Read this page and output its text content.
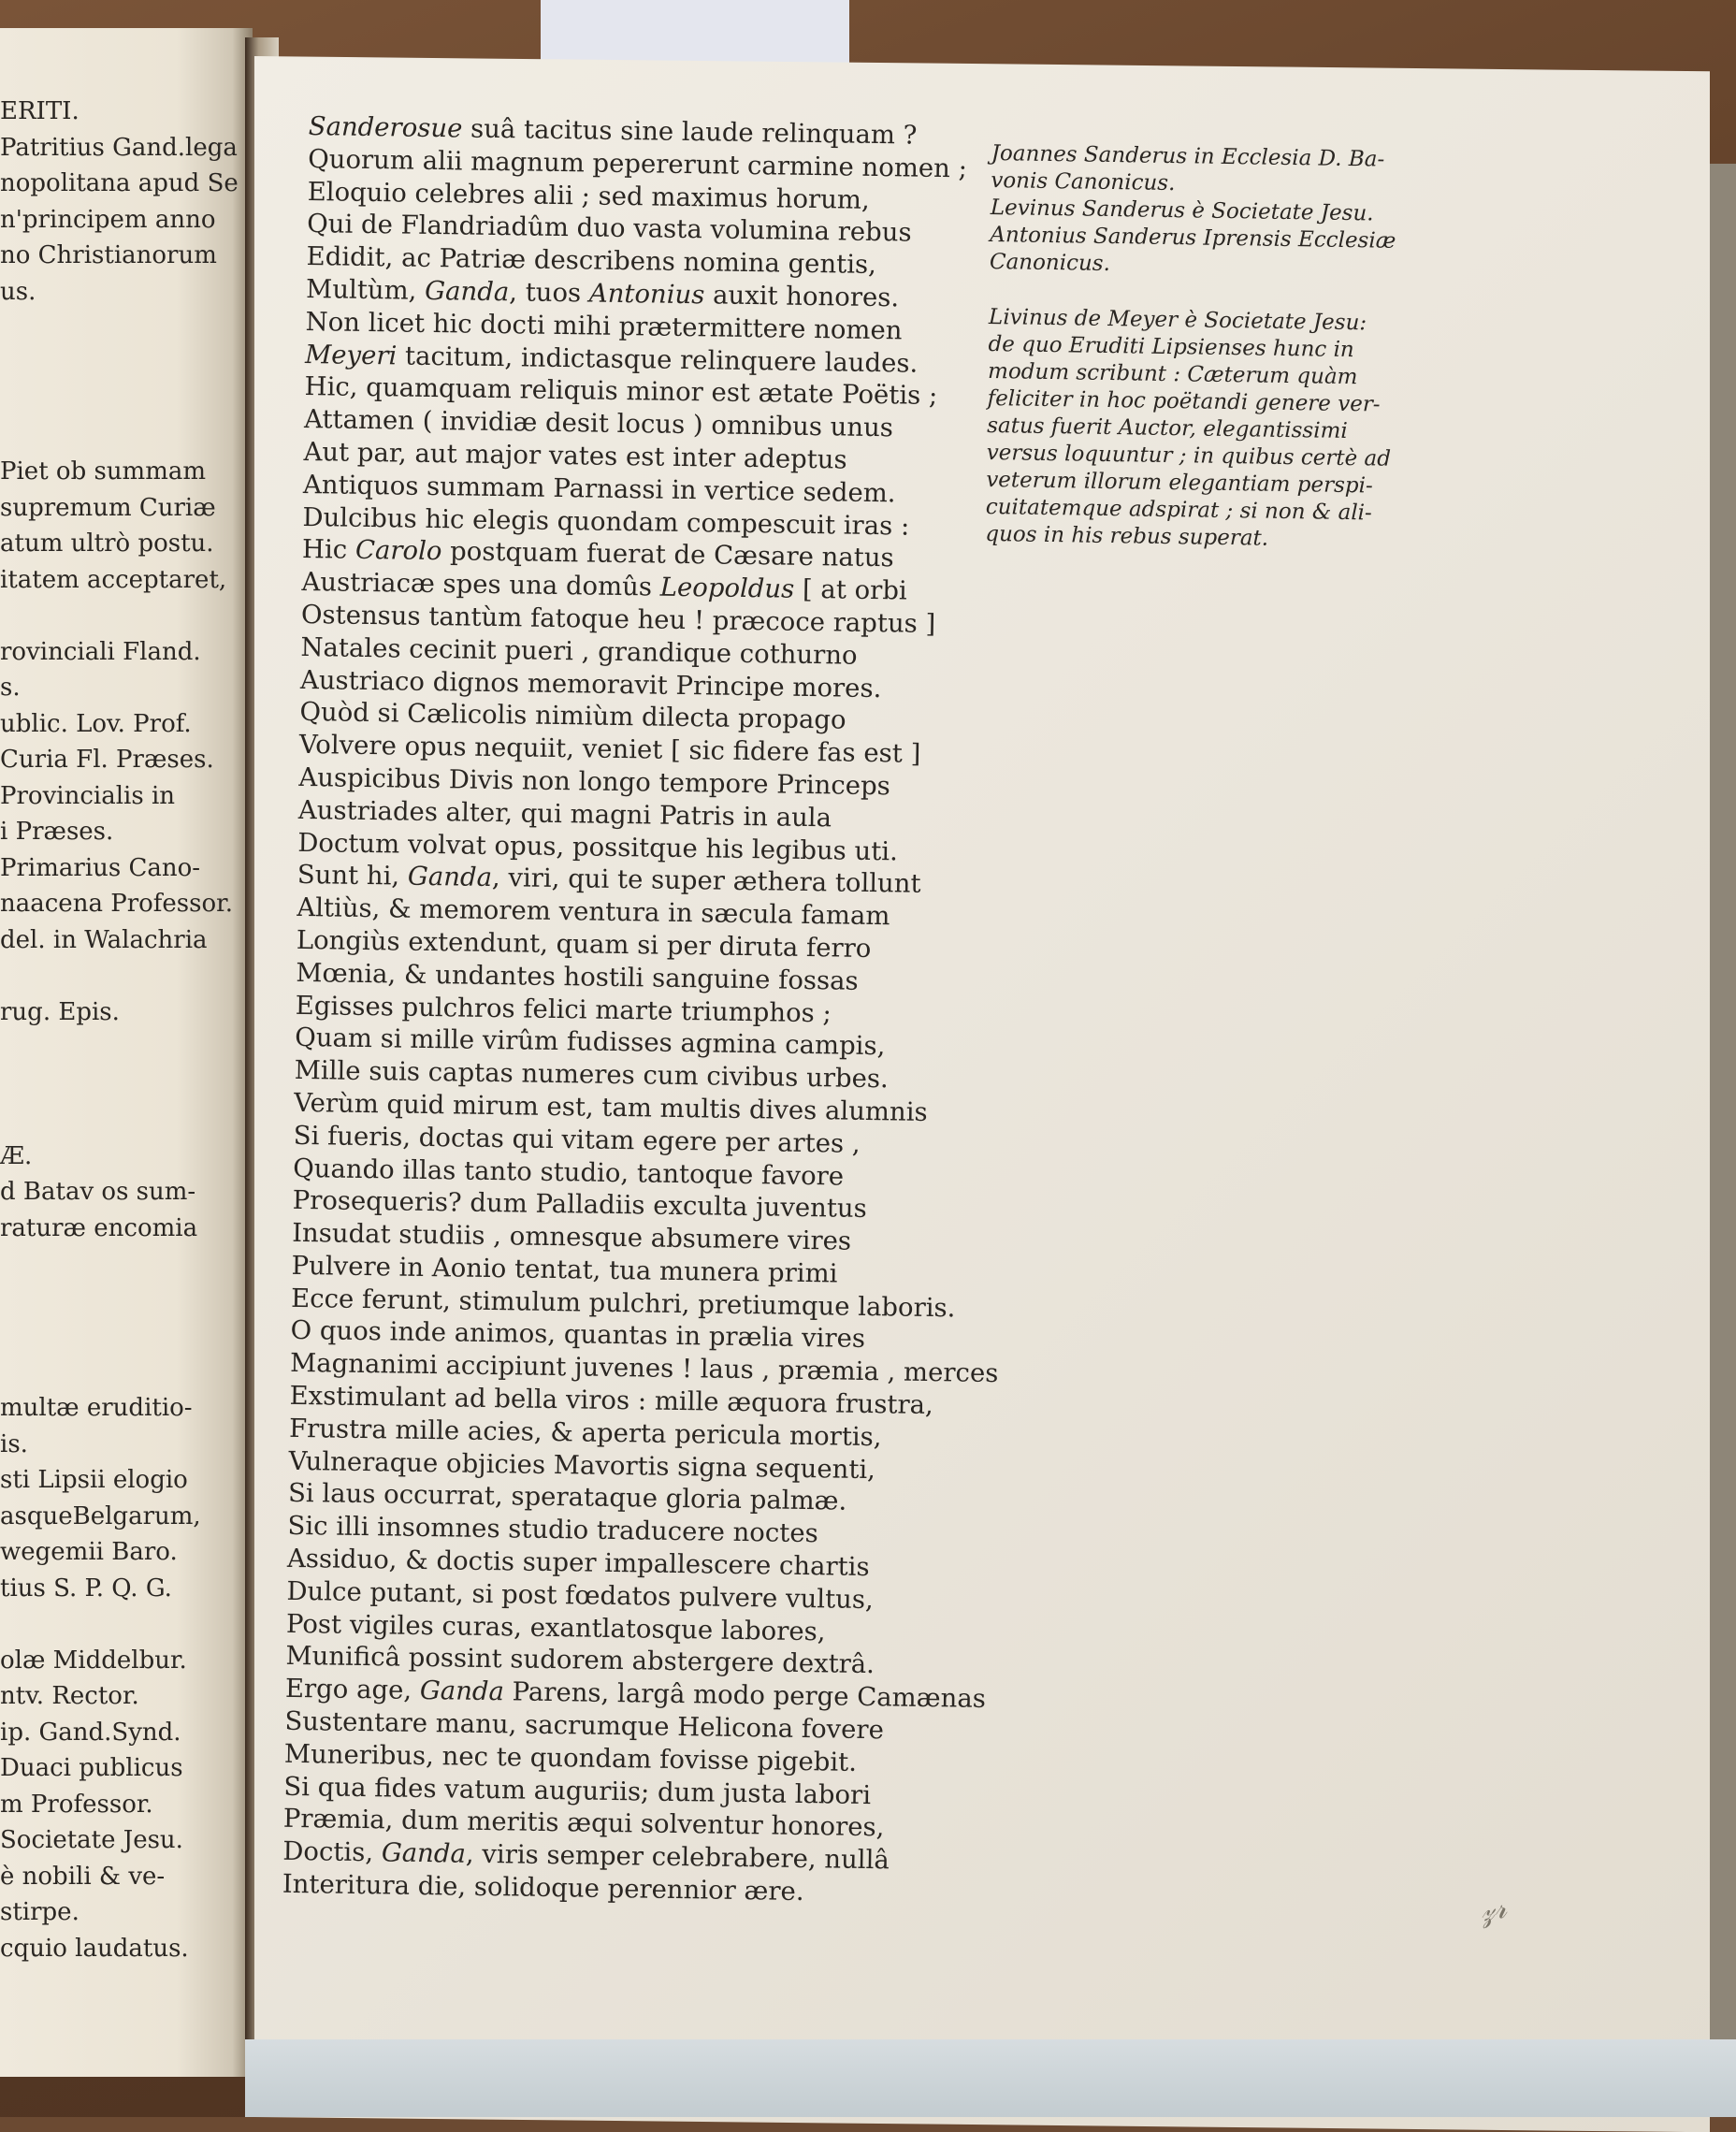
ERITI.
Patritius Gand.lega
nopolitana apud Se
n'principem anno
no Christianorum
us.
Piet ob summam
supremum Curiæ
atum ultrò postu.
itatem acceptaret,
rovinciali Fland.
s.
ublic. Lov. Prof.
Curia Fl. Præses.
Provincialis in
i Præses.
Primarius Cano-
naacena Professor.
del. in Walachria
rug. Epis.
Æ.
d Batav os sum-
raturæ encomia
multæ eruditio-
is.
sti Lipsii elogio
asqueBelgarum,
wegemii Baro.
tius S. P. Q. G.
olæ Middelbur.
ntv. Rector.
ip. Gand.Synd.
Duaci publicus
m Professor.
Societate Jesu.
è nobili & ve-
stirpe.
cquio laudatus.
Sanderosue suâ tacitus sine laude relinquam ?
Quorum alii magnum pepererunt carmine nomen ;
Eloquio celebres alii ; sed maximus horum,
Qui de Flandriadûm duo vasta volumina rebus
Edidit, ac Patriæ describens nomina gentis,
Multùm, Ganda, tuos Antonius auxit honores.
Non licet hic docti mihi prætermittere nomen
Meyeri tacitum, indictasque relinquere laudes.
Hic, quamquam reliquis minor est ætate Poëtis ;
Attamen ( invidiæ desit locus ) omnibus unus
Aut par, aut major vates est inter adeptus
Antiquos summam Parnassi in vertice sedem.
Dulcibus hic elegis quondam compescuit iras :
Hic Carolo postquam fuerat de Cæsare natus
Austriacæ spes una domûs Leopoldus [ at orbi
Ostensus tantùm fatoque heu ! præcoce raptus ]
Natales cecinit pueri , grandique cothurno
Austriaco dignos memoravit Principe mores.
Quòd si Cælicolis nimiùm dilecta propago
Volvere opus nequiit, veniet [ sic fidere fas est ]
Auspicibus Divis non longo tempore Princeps
Austriades alter, qui magni Patris in aula
Doctum volvat opus, possitque his legibus uti.
Sunt hi, Ganda, viri, qui te super æthera tollunt
Altiùs, & memorem ventura in sæcula famam
Longiùs extendunt, quam si per diruta ferro
Mœnia, & undantes hostili sanguine fossas
Egisses pulchros felici marte triumphos ;
Quam si mille virûm fudisses agmina campis,
Mille suis captas numeres cum civibus urbes.
Verùm quid mirum est, tam multis dives alumnis
Si fueris, doctas qui vitam egere per artes ,
Quando illas tanto studio, tantoque favore
Prosequeris? dum Palladiis exculta juventus
Insudat studiis , omnesque absumere vires
Pulvere in Aonio tentat, tua munera primi
Ecce ferunt, stimulum pulchri, pretiumque laboris.
O quos inde animos, quantas in prælia vires
Magnanimi accipiunt juvenes ! laus , præmia , merces
Exstimulant ad bella viros : mille æquora frustra,
Frustra mille acies, & aperta pericula mortis,
Vulneraque objicies Mavortis signa sequenti,
Si laus occurrat, sperataque gloria palmæ.
Sic illi insomnes studio traducere noctes
Assiduo, & doctis super impallescere chartis
Dulce putant, si post fœdatos pulvere vultus,
Post vigiles curas, exantlatosque labores,
Munificâ possint sudorem abstergere dextrâ.
Ergo age, Ganda Parens, largâ modo perge Camænas
Sustentare manu, sacrumque Helicona fovere
Muneribus, nec te quondam fovisse pigebit.
Si qua fides vatum auguriis; dum justa labori
Præmia, dum meritis æqui solventur honores,
Doctis, Ganda, viris semper celebrabere, nullâ
Interitura die, solidoque perennior ære.
Joannes Sanderus in Ecclesia D. Ba-
vonis Canonicus.
Levinus Sanderus è Societate Jesu.
Antonius Sanderus Iprensis Ecclesiæ
Canonicus.
Livinus de Meyer è Societate Jesu:
de quo Eruditi Lipsienses hunc in
modum scribunt : Cæterum quàm
feliciter in hoc poëtandi genere ver-
satus fuerit Auctor, elegantissimi
versus loquuntur ; in quibus certè ad
veterum illorum elegantiam perspi-
cuitatemque adspirat ; si non & ali-
quos in his rebus superat.
𝓏𝓇
